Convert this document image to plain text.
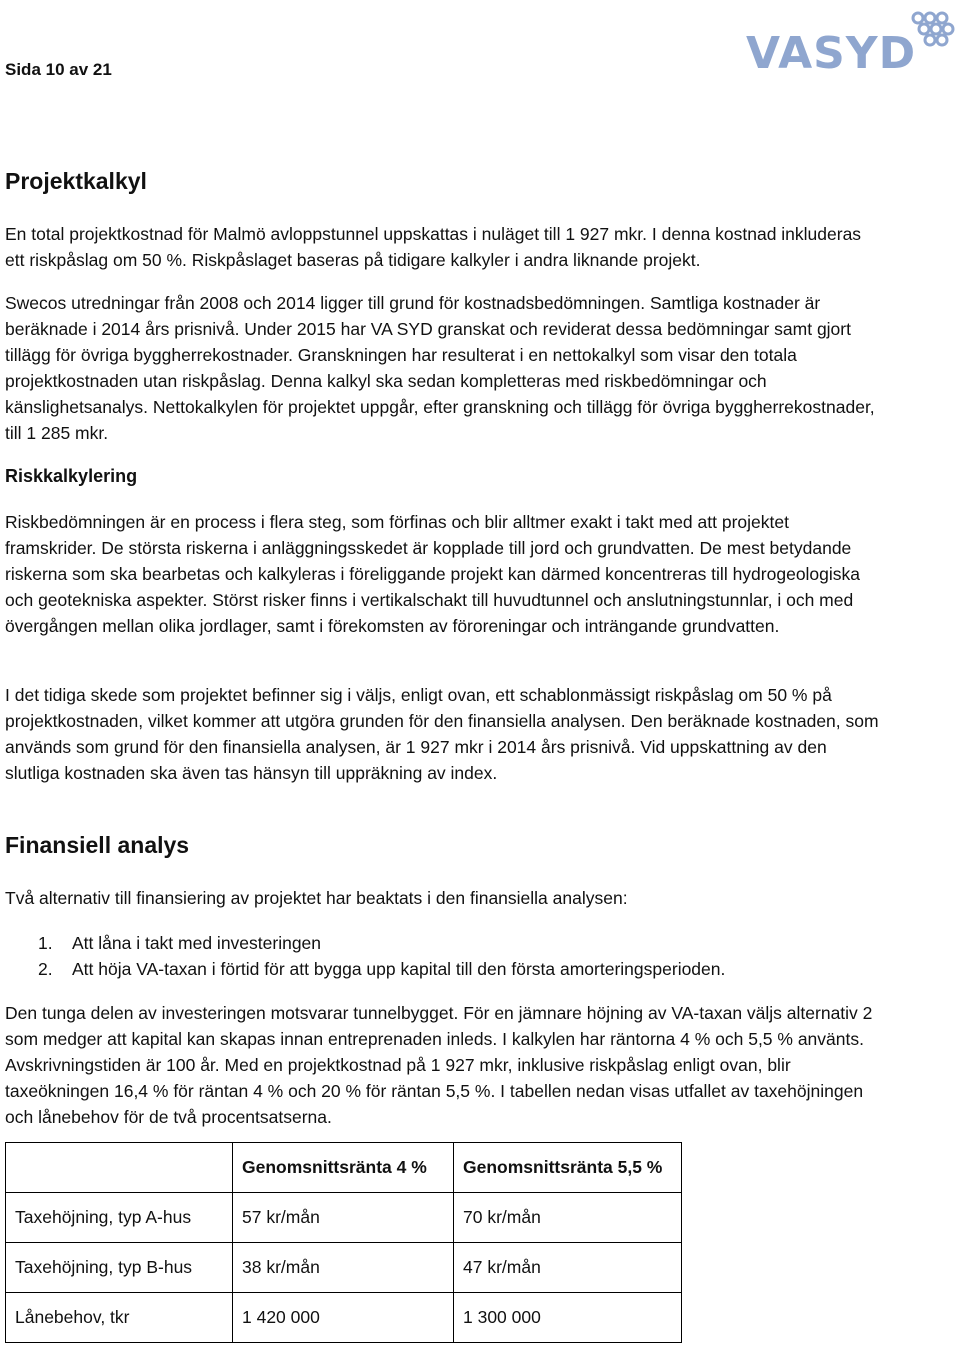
Sida 10 av 21	VASYD
Projektkalkyl

En total projektkostnad för Malmö avloppstunnel uppskattas i nuläget till 1 927 mkr. I denna kostnad inkluderas ett riskpåslag om 50 %. Riskpåslaget baseras på tidigare kalkyler i andra liknande projekt.

Swecos utredningar från 2008 och 2014 ligger till grund för kostnadsbedömningen. Samtliga kostnader är beräknade i 2014 års prisnivå. Under 2015 har VA SYD granskat och reviderat dessa bedömningar samt gjort tillägg för övriga byggherrekostnader. Granskningen har resulterat i en nettokalkyl som visar den totala projektkostnaden utan riskpåslag. Denna kalkyl ska sedan kompletteras med riskbedömningar och känslighetsanalys. Nettokalkylen för projektet uppgår, efter granskning och tillägg för övriga byggherrekostnader, till 1 285 mkr.

Riskkalkylering

Riskbedömningen är en process i flera steg, som förfinas och blir alltmer exakt i takt med att projektet framskrider. De största riskerna i anläggningsskedet är kopplade till jord och grundvatten. De mest betydande riskerna som ska bearbetas och kalkyleras i föreliggande projekt kan därmed koncentreras till hydrogeologiska och geotekniska aspekter. Störst risker finns i vertikalschakt till huvudtunnel och anslutningstunnlar, i och med övergången mellan olika jordlager, samt i förekomsten av föroreningar och inträngande grundvatten.

I det tidiga skede som projektet befinner sig i väljs, enligt ovan, ett schablonmässigt riskpåslag om 50 % på projektkostnaden, vilket kommer att utgöra grunden för den finansiella analysen. Den beräknade kostnaden, som används som grund för den finansiella analysen, är 1 927 mkr i 2014 års prisnivå. Vid uppskattning av den slutliga kostnaden ska även tas hänsyn till uppräkning av index.

Finansiell analys

Två alternativ till finansiering av projektet har beaktats i den finansiella analysen:

1. Att låna i takt med investeringen
2. Att höja VA-taxan i förtid för att bygga upp kapital till den första amorteringsperioden.

Den tunga delen av investeringen motsvarar tunnelbygget. För en jämnare höjning av VA-taxan väljs alternativ 2 som medger att kapital kan skapas innan entreprenaden inleds. I kalkylen har räntorna 4 % och 5,5 % använts. Avskrivningstiden är 100 år. Med en projektkostnad på 1 927 mkr, inklusive riskpåslag enligt ovan, blir taxeökningen 16,4 % för räntan 4 % och 20 % för räntan 5,5 %. I tabellen nedan visas utfallet av taxehöjningen och lånebehov för de två procentsatserna.

	Genomsnittsränta 4 %	Genomsnittsränta 5,5 %
Taxehöjning, typ A-hus	57 kr/mån	70 kr/mån
Taxehöjning, typ B-hus	38 kr/mån	47 kr/mån
Lånebehov, tkr	1 420 000	1 300 000
